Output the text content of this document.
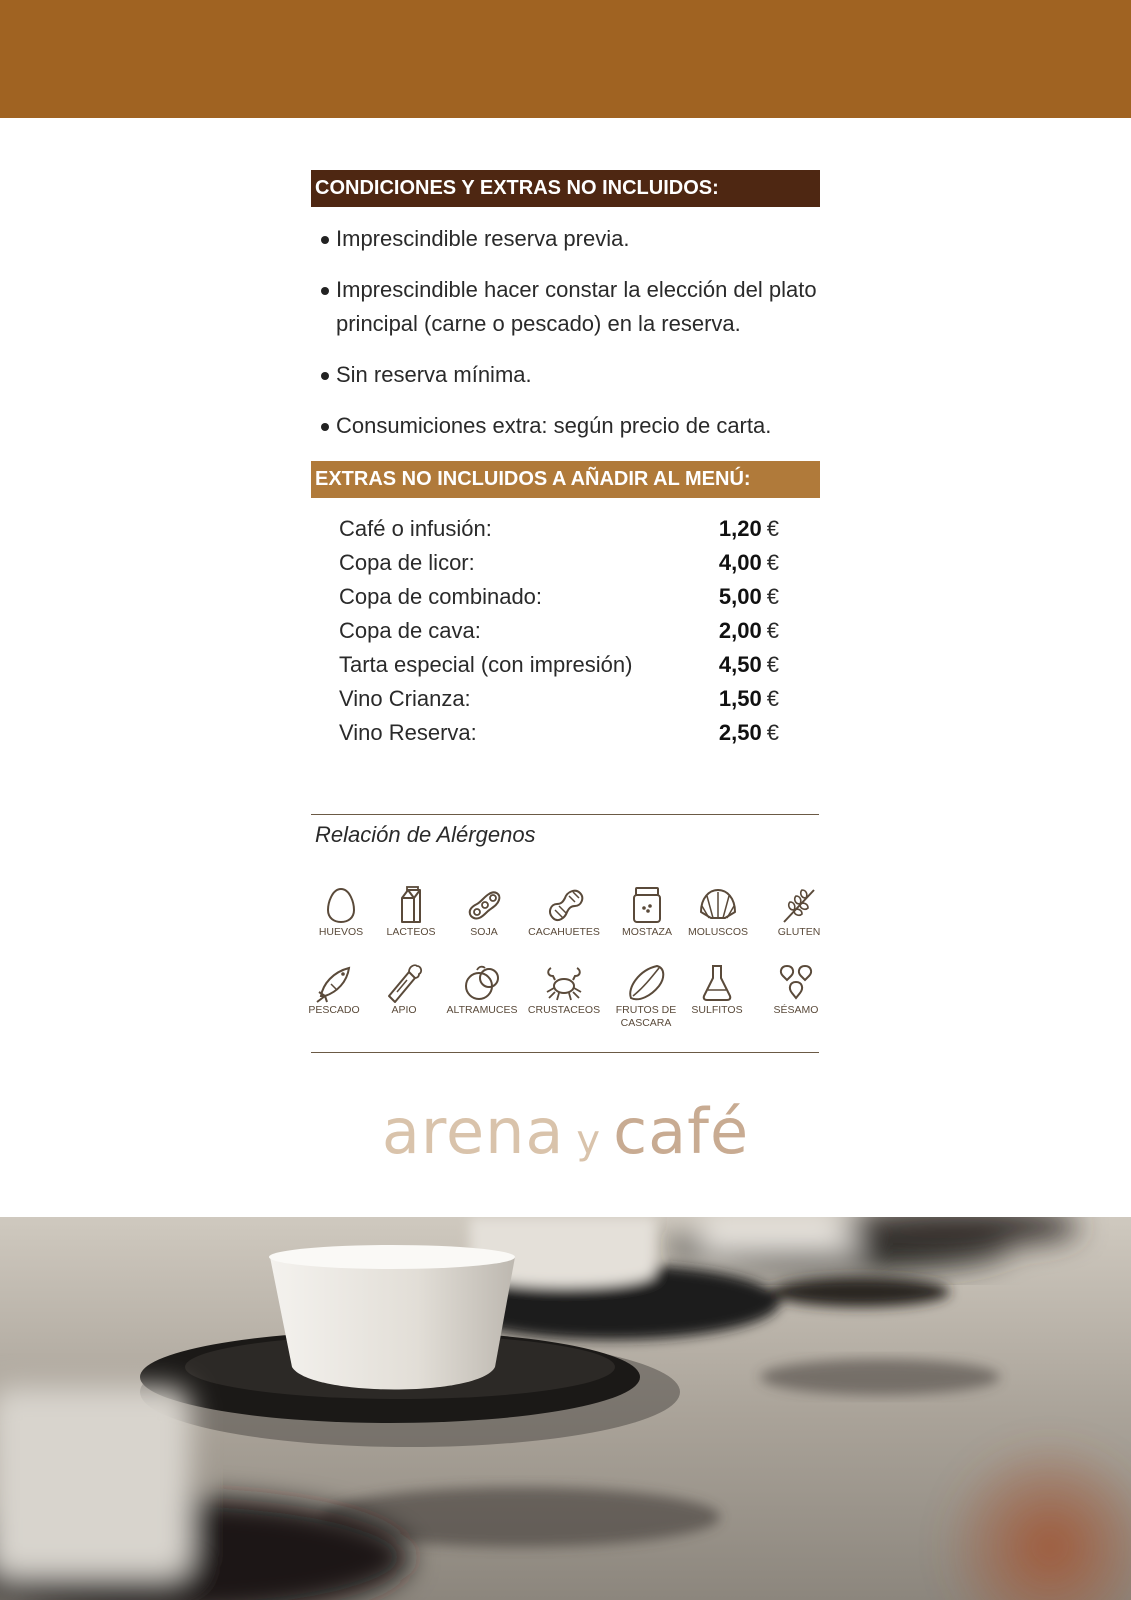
CONDICIONES Y EXTRAS NO INCLUIDOS:
Imprescindible reserva previa.
Imprescindible hacer constar la elección del plato principal (carne o pescado) en la reserva.
Sin reserva mínima.
Consumiciones extra: según precio de carta.
EXTRAS NO INCLUIDOS A AÑADIR AL MENÚ:
Café o infusión:	1,20 €
Copa de licor:	4,00 €
Copa de combinado:	5,00 €
Copa de cava:	2,00 €
Tarta especial (con impresión)	4,50 €
Vino Crianza:	1,50 €
Vino Reserva:	2,50 €
Relación de Alérgenos
HUEVOS	LACTEOS	SOJA	CACAHUETES	MOSTAZA	MOLUSCOS	GLUTEN
PESCADO	APIO	ALTRAMUCES CRUSTACEOS	FRUTOS DE CASCARA
SULFITOS	SÉSAMO
arena y café
